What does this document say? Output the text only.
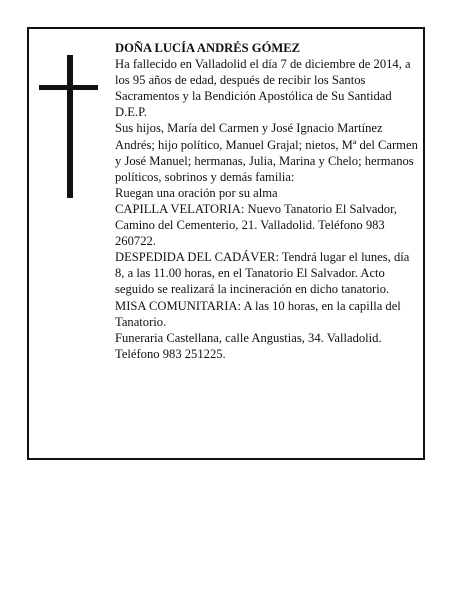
DOÑA LUCÍA ANDRÉS GÓMEZ

Ha fallecido en Valladolid el día 7 de diciembre de 2014, a los 95 años de edad, después de recibir los Santos Sacramentos y la Bendición Apostólica de Su Santidad

D.E.P.

Sus hijos, María del Carmen y José Ignacio Martínez Andrés; hijo político, Manuel Grajal; nietos, Mª del Carmen y José Manuel; hermanas, Julia, Marina y Chelo; hermanos políticos, sobrinos y demás familia:

Ruegan una oración por su alma

CAPILLA VELATORIA: Nuevo Tanatorio El Salvador, Camino del Cementerio, 21. Valladolid. Teléfono 983 260722.

DESPEDIDA DEL CADÁVER: Tendrá lugar el lunes, día 8, a las 11.00 horas, en el Tanatorio El Salvador. Acto seguido se realizará la incineración en dicho tanatorio.

MISA COMUNITARIA: A las 10 horas, en la capilla del Tanatorio.

Funeraria Castellana, calle Angustias, 34. Valladolid. Teléfono 983 251225.
